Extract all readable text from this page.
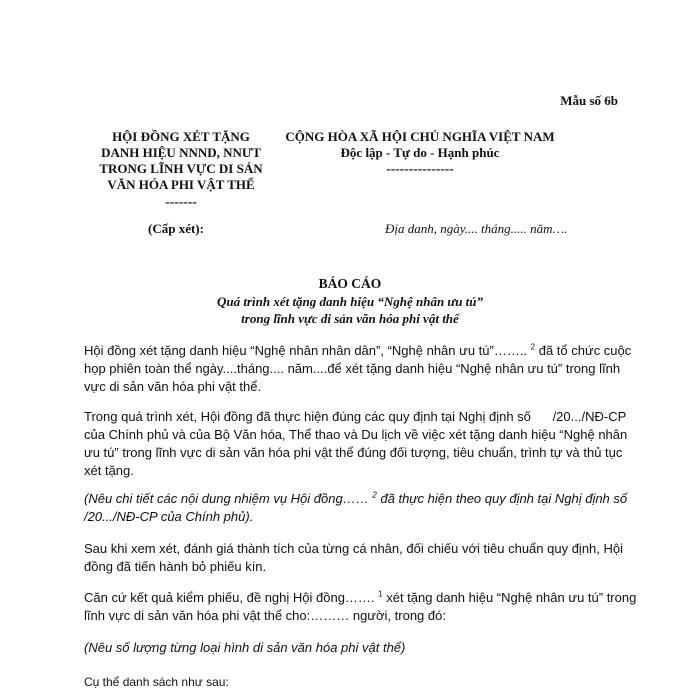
Mẫu số 6b
HỘI ĐỒNG XÉT TẶNG
DANH HIỆU NNND, NNƯT
TRONG LĨNH VỰC DI SẢN
VĂN HÓA PHI VẬT THỂ
-------
CỘNG HÒA XÃ HỘI CHỦ NGHĨA VIỆT NAM
Độc lập - Tự do - Hạnh phúc
---------------
(Cấp xét):	Địa danh, ngày.... tháng..... năm….
BÁO CÁO
Quá trình xét tặng danh hiệu “Nghệ nhân ưu tú”
trong lĩnh vực di sản văn hóa phi vật thể
Hội đồng xét tặng danh hiệu “Nghệ nhân nhân dân”, “Nghệ nhân ưu tú”…….. $^2$ đã tổ chức cuộc
họp phiên toàn thể ngày....tháng.... năm....để xét tặng danh hiệu “Nghệ nhân ưu tú” trong lĩnh
vực di sản văn hóa phi vật thể.
Trong quá trình xét, Hội đồng đã thực hiện đúng các quy định tại Nghị định số      /20.../NĐ-CP
của Chính phủ và của Bộ Văn hóa, Thể thao và Du lịch về việc xét tặng danh hiệu “Nghệ nhân
ưu tú” trong lĩnh vực di sản văn hóa phi vật thể đúng đối tượng, tiêu chuẩn, trình tự và thủ tục
xét tặng.
(Nêu chi tiết các nội dung nhiệm vụ Hội đồng…… $^2$ đã thực hiện theo quy định tại Nghị định số
/20.../NĐ-CP của Chính phủ).
Sau khi xem xét, đánh giá thành tích của từng cá nhân, đối chiếu với tiêu chuẩn quy định, Hội
đồng đã tiến hành bỏ phiếu kín.
Căn cứ kết quả kiểm phiếu, đề nghị Hội đồng……. $^1$ xét tặng danh hiệu “Nghệ nhân ưu tú” trong
lĩnh vực di sản văn hóa phi vật thể cho:……… người, trong đó:
(Nêu số lượng từng loại hình di sản văn hóa phi vật thể)
Cụ thể danh sách như sau:
